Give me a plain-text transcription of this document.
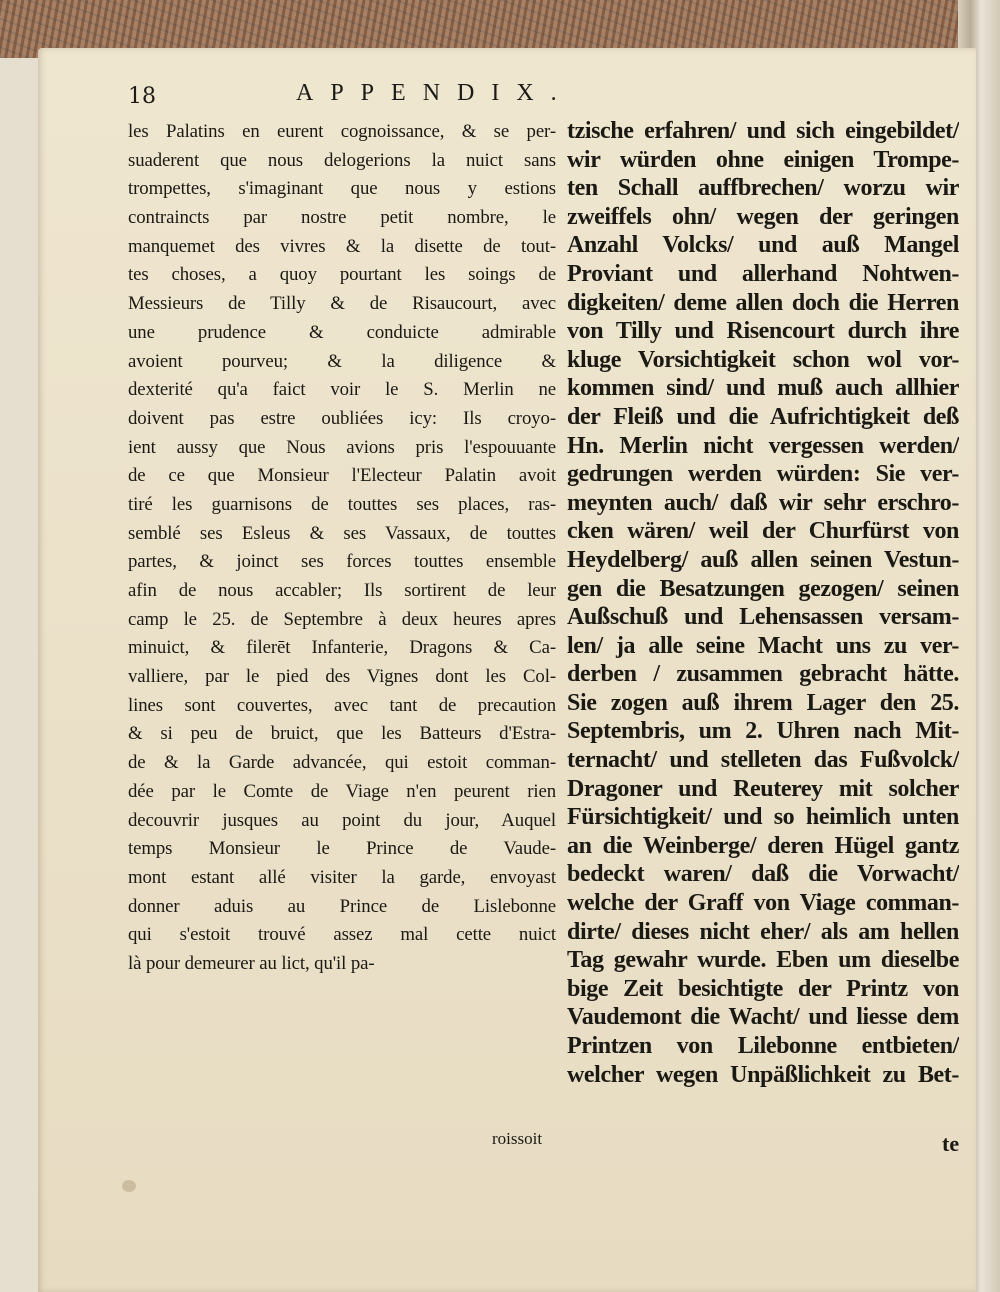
18	APPENDIX.
les Palatins en eurent cognoissance, & se per-
suaderent que nous delogerions la nuict sans
trompettes, s'imaginant que nous y estions
contraincts par nostre petit nombre, le
manquemet des vivres & la disette de tout-
tes choses, a quoy pourtant les soings de
Messieurs de Tilly & de Risaucourt, avec
une prudence & conduicte admirable
avoient pourveu; & la diligence &
dexterité qu'a faict voir le S. Merlin ne
doivent pas estre oubliées icy: Ils croyo-
ient aussy que Nous avions pris l'espouuante
de ce que Monsieur l'Electeur Palatin avoit
tiré les guarnisons de touttes ses places, ras-
semblé ses Esleus & ses Vassaux, de touttes
partes, & joinct ses forces touttes ensemble
afin de nous accabler; Ils sortirent de leur
camp le 25. de Septembre à deux heures apres
minuict, & filerēt Infanterie, Dragons & Ca-
valliere, par le pied des Vignes dont les Col-
lines sont couvertes, avec tant de precaution
& si peu de bruict, que les Batteurs d'Estra-
de & la Garde advancée, qui estoit comman-
dée par le Comte de Viage n'en peurent rien
decouvrir jusques au point du jour, Auquel
temps Monsieur le Prince de Vaude-
mont estant allé visiter la garde, envoyast
donner aduis au Prince de Lislebonne
qui s'estoit trouvé assez mal cette nuict
là pour demeurer au lict, qu'il pa-
tzische erfahren/ und sich eingebildet/
wir würden ohne einigen Trompe-
ten Schall auffbrechen/ worzu wir
zweiffels ohn/ wegen der geringen
Anzahl Volcks/ und auß Mangel
Proviant und allerhand Nohtwen-
digkeiten/ deme allen doch die Herren
von Tilly und Risencourt durch ihre
kluge Vorsichtigkeit schon wol vor-
kommen sind/ und muß auch allhier
der Fleiß und die Aufrichtigkeit deß
Hn. Merlin nicht vergessen werden/
gedrungen werden würden: Sie ver-
meynten auch/ daß wir sehr erschro-
cken wären/ weil der Churfürst von
Heydelberg/ auß allen seinen Vestun-
gen die Besatzungen gezogen/ seinen
Außschuß und Lehensassen versam-
len/ ja alle seine Macht uns zu ver-
derben / zusammen gebracht hätte.
Sie zogen auß ihrem Lager den 25.
Septembris, um 2. Uhren nach Mit-
ternacht/ und stelleten das Fußvolck/
Dragoner und Reuterey mit solcher
Fürsichtigkeit/ und so heimlich unten
an die Weinberge/ deren Hügel gantz
bedeckt waren/ daß die Vorwacht/
welche der Graff von Viage comman-
dirte/ dieses nicht eher/ als am hellen
Tag gewahr wurde. Eben um dieselbe
bige Zeit besichtigte der Printz von
Vaudemont die Wacht/ und liesse dem
Printzen von Lilebonne entbieten/
welcher wegen Unpäßlichkeit zu Bet-
roissoit	te
